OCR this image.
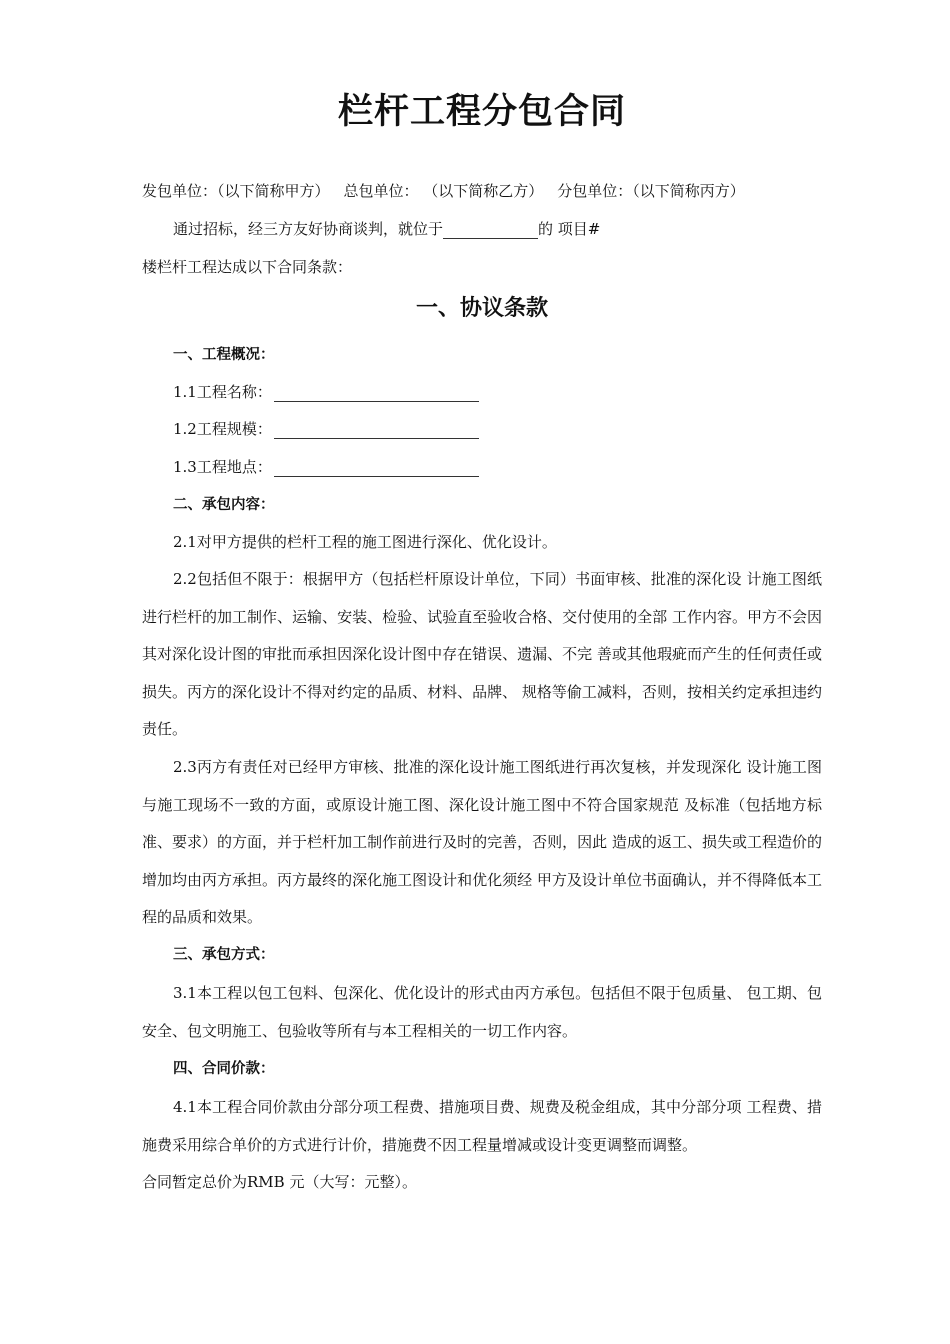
栏杆工程分包合同

发包单位：（以下简称甲方） 总包单位： （以下简称乙方） 分包单位：（以下简称丙方）

通过招标，经三方友好协商谈判，就位于	的 项目#

楼栏杆工程达成以下合同条款：

一、协议条款

一、工程概况：

1.1工程名称：

1.2工程规模：

1.3工程地点：

二、承包内容：

2.1对甲方提供的栏杆工程的施工图进行深化、优化设计。

2.2包括但不限于：根据甲方（包括栏杆原设计单位，下同）书面审核、批准的深化设 计施工图纸进行栏杆的加工制作、运输、安装、检验、试验直至验收合格、交付使用的全部 工作内容。甲方不会因其对深化设计图的审批而承担因深化设计图中存在错误、遗漏、不完 善或其他瑕疵而产生的任何责任或损失。丙方的深化设计不得对约定的品质、材料、品牌、 规格等偷工减料，否则，按相关约定承担违约责任。

2.3丙方有责任对已经甲方审核、批准的深化设计施工图纸进行再次复核，并发现深化 设计施工图与施工现场不一致的方面，或原设计施工图、深化设计施工图中不符合国家规范 及标准（包括地方标准、要求）的方面，并于栏杆加工制作前进行及时的完善，否则，因此 造成的返工、损失或工程造价的增加均由丙方承担。丙方最终的深化施工图设计和优化须经 甲方及设计单位书面确认，并不得降低本工程的品质和效果。

三、承包方式：

3.1本工程以包工包料、包深化、优化设计的形式由丙方承包。包括但不限于包质量、 包工期、包安全、包文明施工、包验收等所有与本工程相关的一切工作内容。

四、合同价款：

4.1本工程合同价款由分部分项工程费、措施项目费、规费及税金组成，其中分部分项 工程费、措施费采用综合单价的方式进行计价，措施费不因工程量增减或设计变更调整而调整。

合同暂定总价为RMB 元（大写：元整）。
